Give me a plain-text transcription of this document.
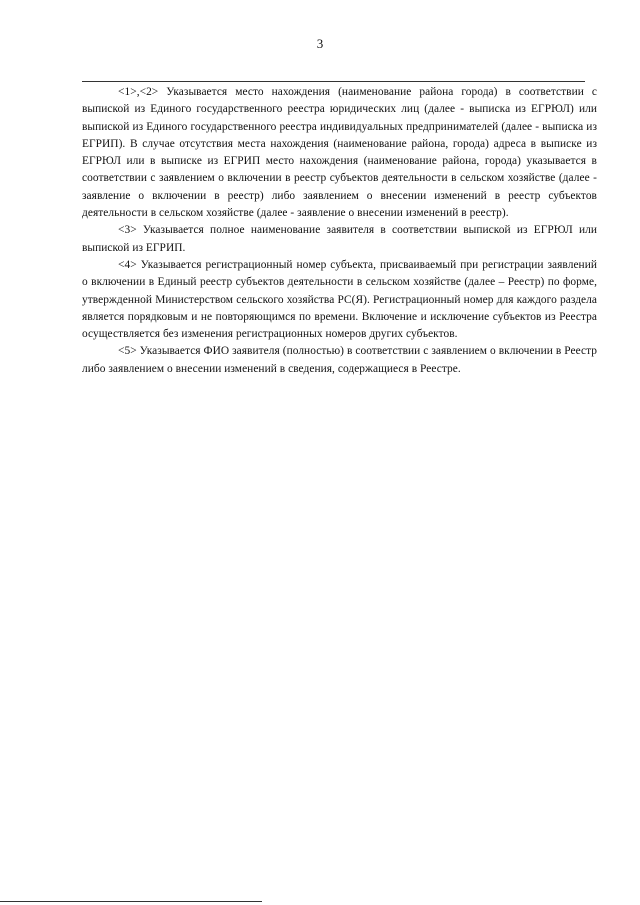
3

<1>,<2> Указывается место нахождения (наименование района города) в соответствии с выпиской из Единого государственного реестра юридических лиц (далее - выписка из ЕГРЮЛ) или выпиской из Единого государственного реестра индивидуальных предпринимателей (далее - выписка из ЕГРИП). В случае отсутствия места нахождения (наименование района, города) адреса в выписке из ЕГРЮЛ или в выписке из ЕГРИП место нахождения (наименование района, города) указывается в соответствии с заявлением о включении в реестр субъектов деятельности в сельском хозяйстве (далее - заявление о включении в реестр) либо заявлением о внесении изменений в реестр субъектов деятельности в сельском хозяйстве (далее - заявление о внесении изменений в реестр).

<3> Указывается полное наименование заявителя в соответствии выпиской из ЕГРЮЛ или выпиской из ЕГРИП.

<4> Указывается регистрационный номер субъекта, присваиваемый при регистрации заявлений о включении в Единый реестр субъектов деятельности в сельском хозяйстве (далее – Реестр) по форме, утвержденной Министерством сельского хозяйства РС(Я). Регистрационный номер для каждого раздела является порядковым и не повторяющимся по времени. Включение и исключение субъектов из Реестра осуществляется без изменения регистрационных номеров других субъектов.

<5> Указывается ФИО заявителя (полностью) в соответствии с заявлением о включении в Реестр либо заявлением о внесении изменений в сведения, содержащиеся в Реестре.
